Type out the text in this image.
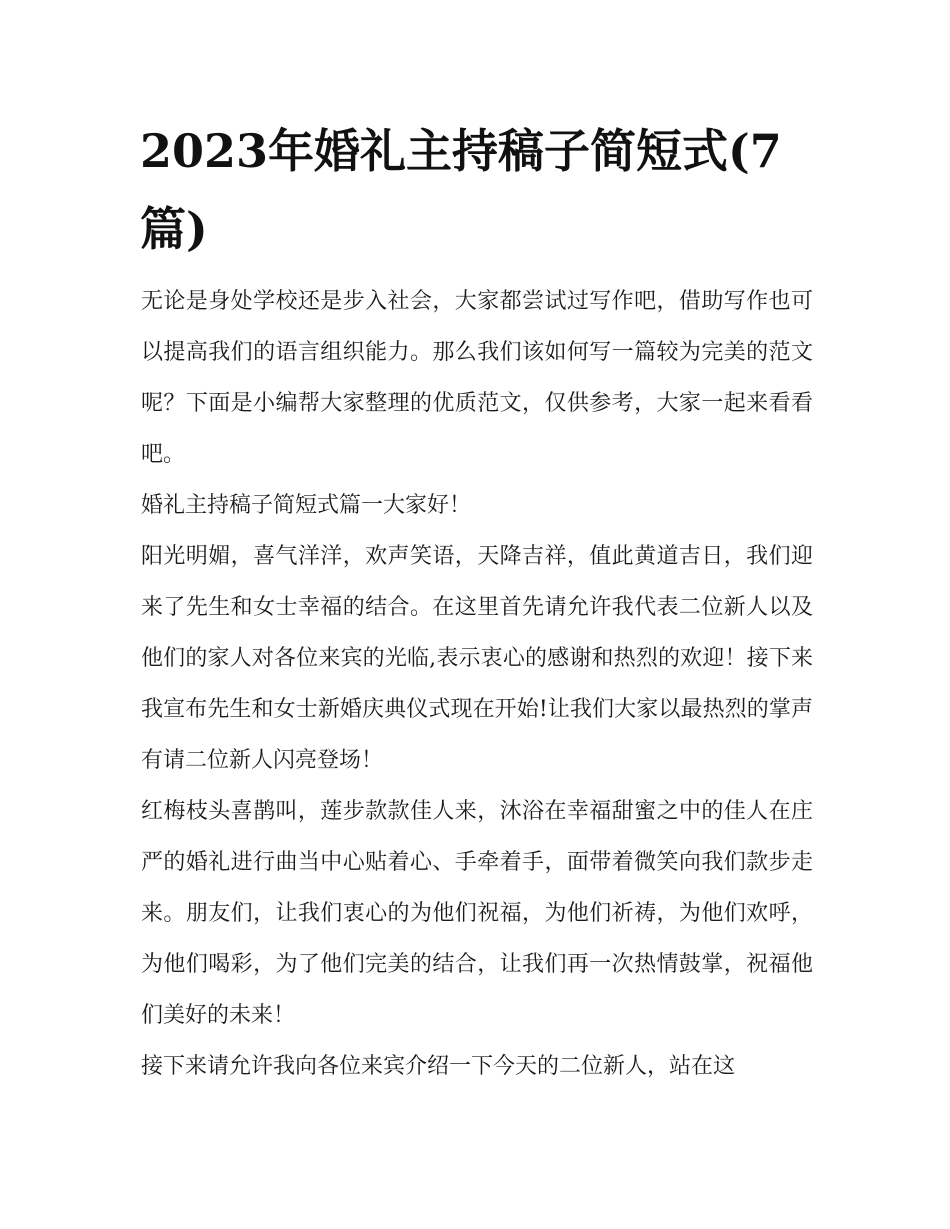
2023年婚礼主持稿子简短式(7篇)

无论是身处学校还是步入社会，大家都尝试过写作吧，借助写作也可以提高我们的语言组织能力。那么我们该如何写一篇较为完美的范文呢？下面是小编帮大家整理的优质范文，仅供参考，大家一起来看看吧。

婚礼主持稿子简短式篇一大家好！

阳光明媚，喜气洋洋，欢声笑语，天降吉祥，值此黄道吉日，我们迎来了先生和女士幸福的结合。在这里首先请允许我代表二位新人以及他们的家人对各位来宾的光临,表示衷心的感谢和热烈的欢迎！接下来我宣布先生和女士新婚庆典仪式现在开始!让我们大家以最热烈的掌声有请二位新人闪亮登场！

红梅枝头喜鹊叫，莲步款款佳人来，沐浴在幸福甜蜜之中的佳人在庄严的婚礼进行曲当中心贴着心、手牵着手，面带着微笑向我们款步走来。朋友们，让我们衷心的为他们祝福，为他们祈祷，为他们欢呼，为他们喝彩，为了他们完美的结合，让我们再一次热情鼓掌，祝福他们美好的未来！

接下来请允许我向各位来宾介绍一下今天的二位新人，站在这
